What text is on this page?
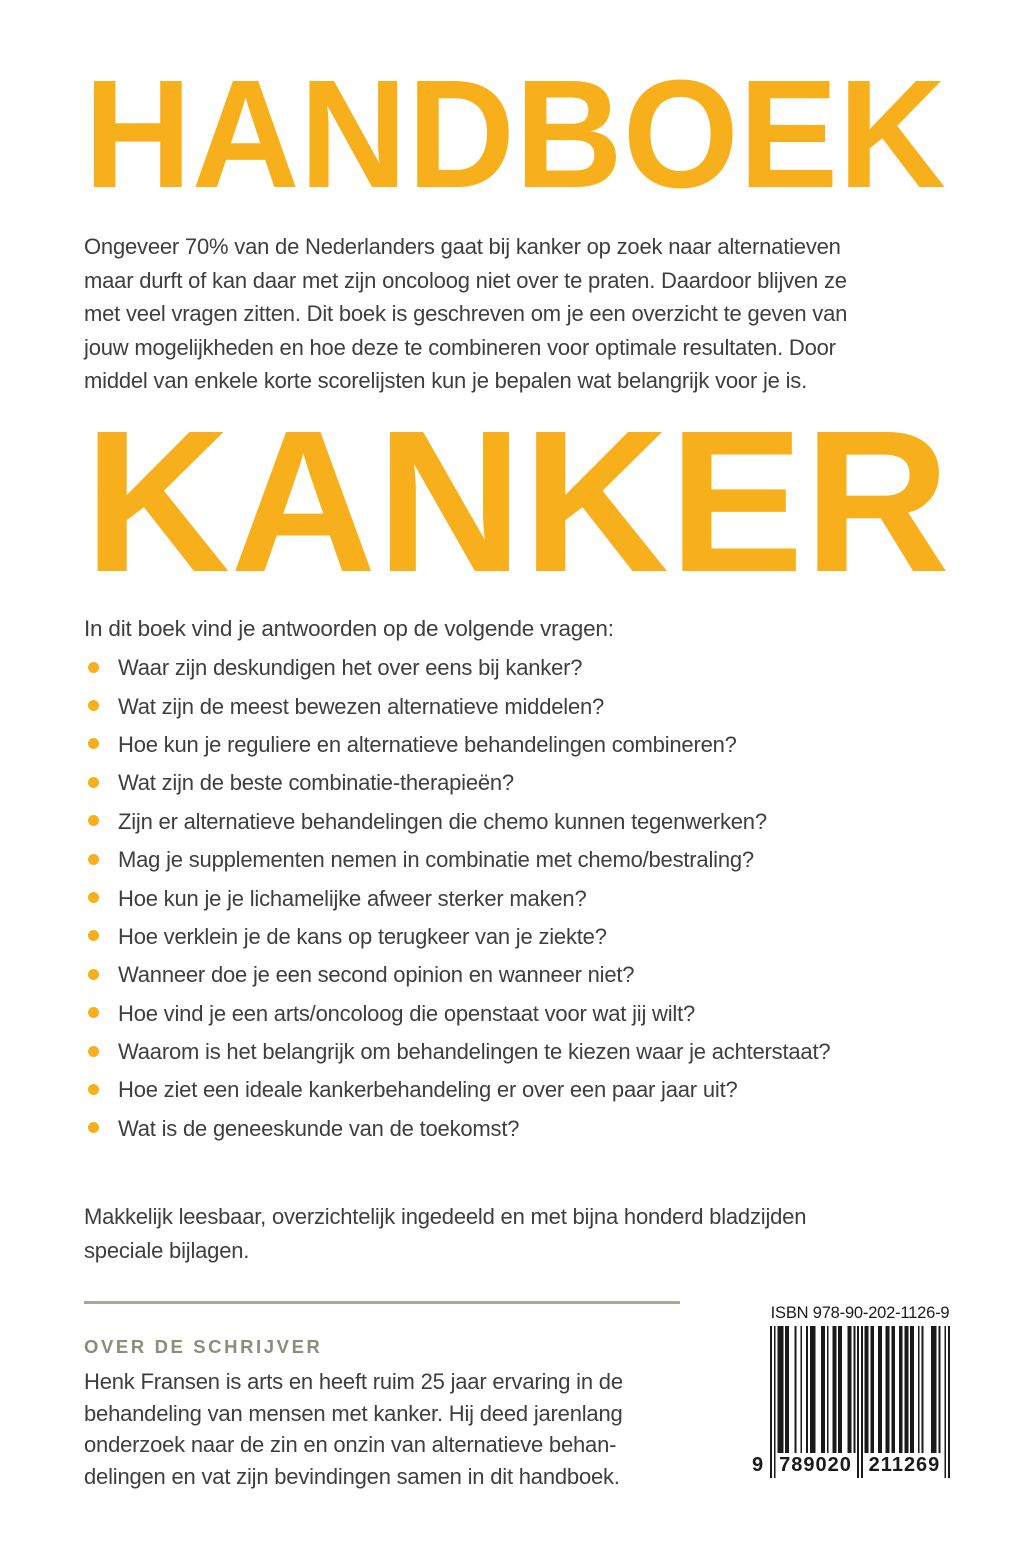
HANDBOEK
Ongeveer 70% van de Nederlanders gaat bij kanker op zoek naar alternatieven
maar durft of kan daar met zijn oncoloog niet over te praten. Daardoor blijven ze
met veel vragen zitten. Dit boek is geschreven om je een overzicht te geven van
jouw mogelijkheden en hoe deze te combineren voor optimale resultaten. Door
middel van enkele korte scorelijsten kun je bepalen wat belangrijk voor je is.
KANKER
In dit boek vind je antwoorden op de volgende vragen:
Waar zijn deskundigen het over eens bij kanker?
Wat zijn de meest bewezen alternatieve middelen?
Hoe kun je reguliere en alternatieve behandelingen combineren?
Wat zijn de beste combinatie-therapieën?
Zijn er alternatieve behandelingen die chemo kunnen tegenwerken?
Mag je supplementen nemen in combinatie met chemo/bestraling?
Hoe kun je je lichamelijke afweer sterker maken?
Hoe verklein je de kans op terugkeer van je ziekte?
Wanneer doe je een second opinion en wanneer niet?
Hoe vind je een arts/oncoloog die openstaat voor wat jij wilt?
Waarom is het belangrijk om behandelingen te kiezen waar je achterstaat?
Hoe ziet een ideale kankerbehandeling er over een paar jaar uit?
Wat is de geneeskunde van de toekomst?
Makkelijk leesbaar, overzichtelijk ingedeeld en met bijna honderd bladzijden
speciale bijlagen.
OVER DE SCHRIJVER
Henk Fransen is arts en heeft ruim 25 jaar ervaring in de
behandeling van mensen met kanker. Hij deed jarenlang
onderzoek naar de zin en onzin van alternatieve behan-
delingen en vat zijn bevindingen samen in dit handboek.
ISBN 978-90-202-1126-9
9 789020 211269
